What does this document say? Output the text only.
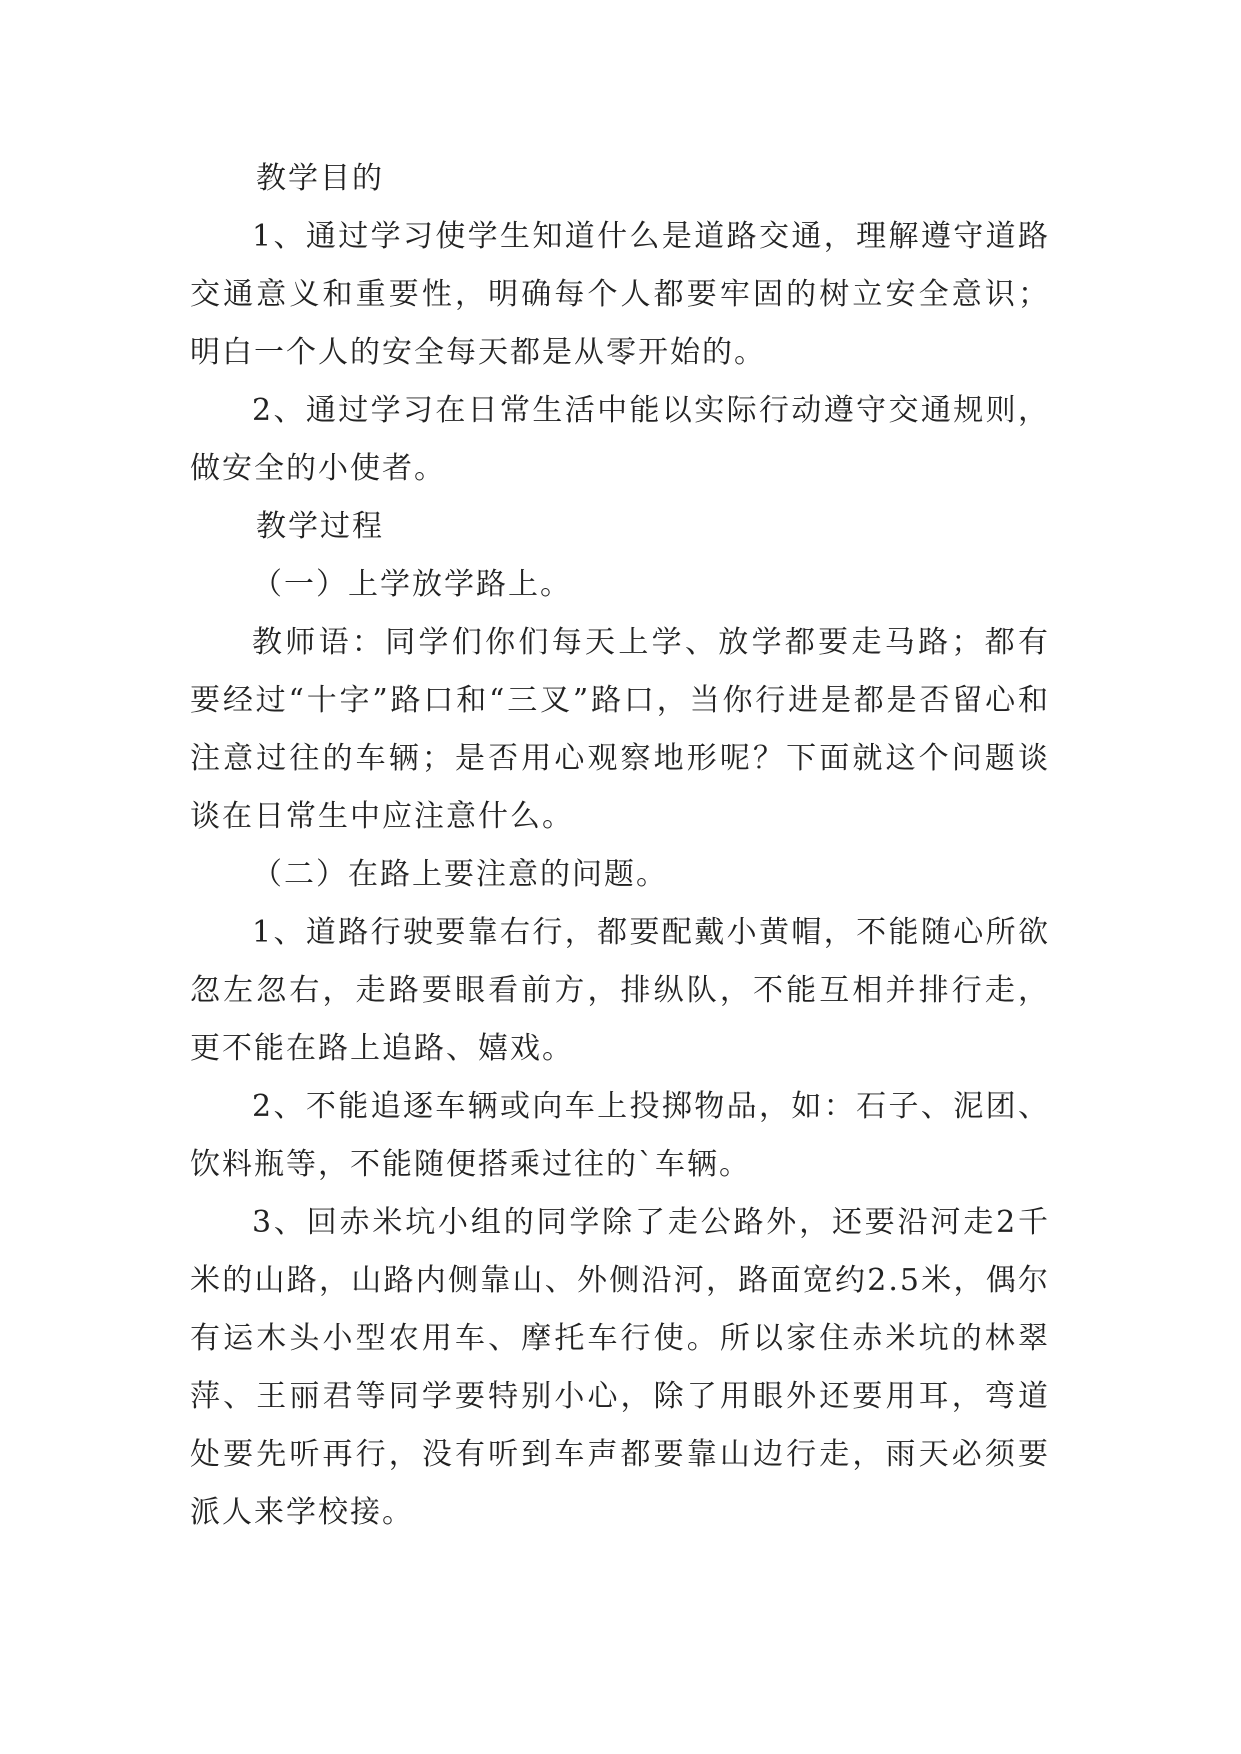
教学目的

1、通过学习使学生知道什么是道路交通，理解遵守道路交通意义和重要性，明确每个人都要牢固的树立安全意识；明白一个人的安全每天都是从零开始的。

2、通过学习在日常生活中能以实际行动遵守交通规则，做安全的小使者。

教学过程

（一）上学放学路上。

教师语：同学们你们每天上学、放学都要走马路；都有要经过“十字”路口和“三叉”路口，当你行进是都是否留心和注意过往的车辆；是否用心观察地形呢？下面就这个问题谈谈在日常生中应注意什么。

（二）在路上要注意的问题。

1、道路行驶要靠右行，都要配戴小黄帽，不能随心所欲忽左忽右，走路要眼看前方，排纵队，不能互相并排行走，更不能在路上追路、嬉戏。

2、不能追逐车辆或向车上投掷物品，如：石子、泥团、饮料瓶等，不能随便搭乘过往的`车辆。

3、回赤米坑小组的同学除了走公路外，还要沿河走2千米的山路，山路内侧靠山、外侧沿河，路面宽约2.5米，偶尔有运木头小型农用车、摩托车行使。所以家住赤米坑的林翠萍、王丽君等同学要特别小心，除了用眼外还要用耳，弯道处要先听再行，没有听到车声都要靠山边行走，雨天必须要派人来学校接。
